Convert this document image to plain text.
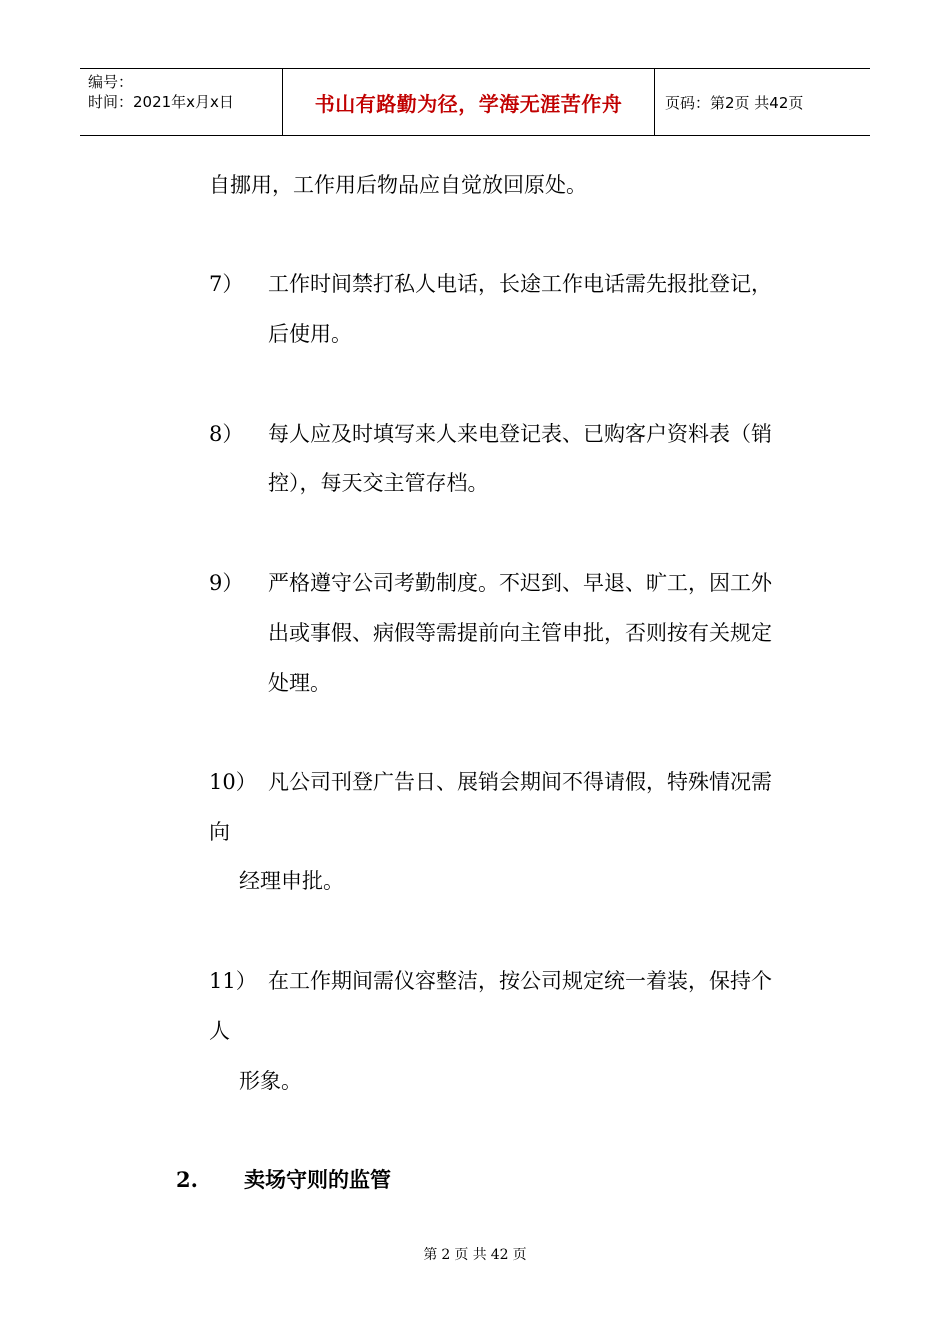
编号：
时间：2021年x月x日	书山有路勤为径，学海无涯苦作舟	页码：第2页 共42页
自挪用，工作用后物品应自觉放回原处。
7） 工作时间禁打私人电话，长途工作电话需先报批登记，
后使用。
8） 每人应及时填写来人来电登记表、已购客户资料表（销
控），每天交主管存档。
9） 严格遵守公司考勤制度。不迟到、早退、旷工，因工外
出或事假、病假等需提前向主管申批，否则按有关规定
处理。
10） 凡公司刊登广告日、展销会期间不得请假，特殊情况需
向
经理申批。
11） 在工作期间需仪容整洁，按公司规定统一着装，保持个
人
形象。
2. 卖场守则的监管
第 2 页 共 42 页
